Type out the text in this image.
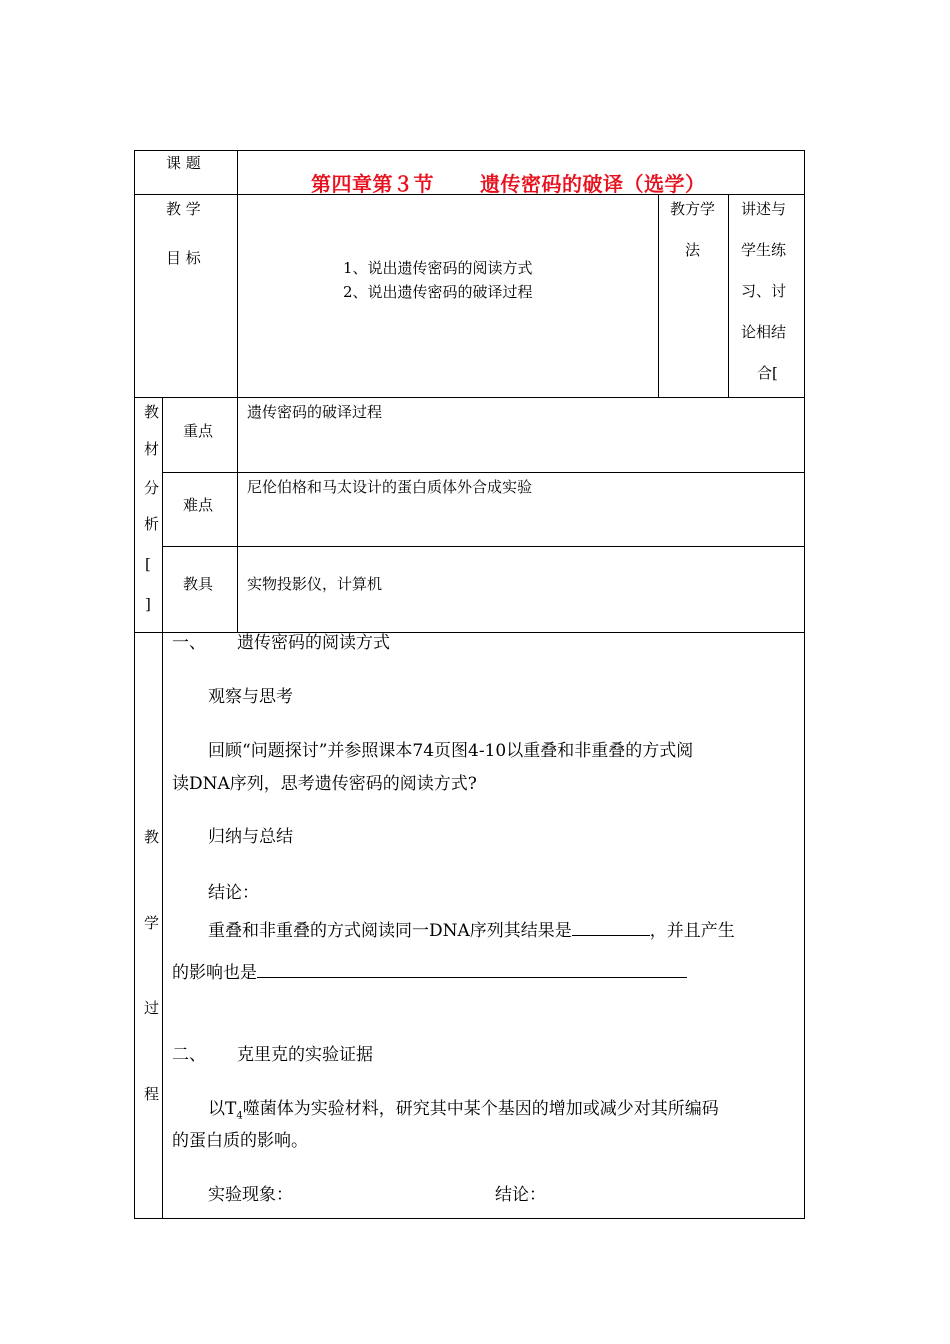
课 题
第四章第３节 遗传密码的破译（选学）
教 学
目 标
1、说出遗传密码的阅读方式
2、说出遗传密码的破译过程
教方学
法
讲述与
学生练
习、讨
论相结
合[
教
材
分
析
[
]
重点
遗传密码的破译过程
难点
尼伦伯格和马太设计的蛋白质体外合成实验
教具 实物投影仪，计算机
教
学
过
程
一、 遗传密码的阅读方式
观察与思考
回顾“问题探讨”并参照课本74页图4-10以重叠和非重叠的方式阅
读DNA序列，思考遗传密码的阅读方式?
归纳与总结
结论：
重叠和非重叠的方式阅读同一DNA序列其结果是	，并且产生
的影响也是
二、 克里克的实验证据
以$T_4$噬菌体为实验材料，研究其中某个基因的增加或减少对其所编码
的蛋白质的影响。
实验现象：	结论：
